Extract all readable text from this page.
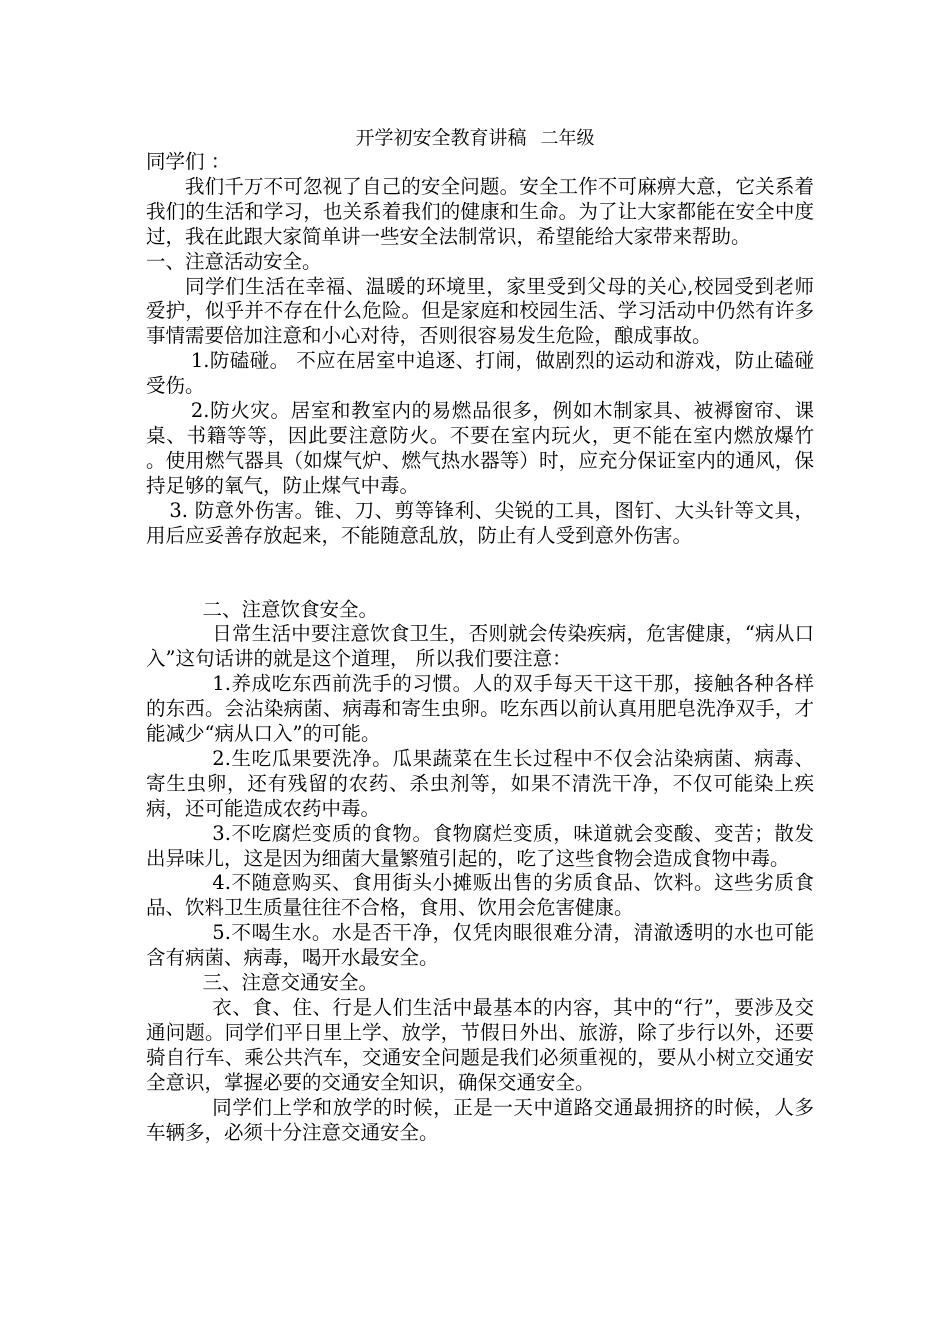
开学初安全教育讲稿 二年级

同学们 ：

我们千万不可忽视了自己的安全问题。安全工作不可麻痹大意，它关系着我们的生活和学习，也关系着我们的健康和生命。为了让大家都能在安全中度过，我在此跟大家简单讲一些安全法制常识，希望能给大家带来帮助。

一、注意活动安全。

同学们生活在幸福、温暖的环境里，家里受到父母的关心,校园受到老师爱护，似乎并不存在什么危险。但是家庭和校园生活、学习活动中仍然有许多事情需要倍加注意和小心对待，否则很容易发生危险，酿成事故。

1.防磕碰。 不应在居室中追逐、打闹，做剧烈的运动和游戏，防止磕碰受伤。

2.防火灾。居室和教室内的易燃品很多，例如木制家具、被褥窗帘、课桌、书籍等等，因此要注意防火。不要在室内玩火，更不能在室内燃放爆竹 。使用燃气器具（如煤气炉、燃气热水器等）时，应充分保证室内的通风，保持足够的氧气，防止煤气中毒。

3. 防意外伤害。锥、刀、剪等锋利、尖锐的工具，图钉、大头针等文具，用后应妥善存放起来，不能随意乱放，防止有人受到意外伤害。

二、注意饮食安全。

日常生活中要注意饮食卫生，否则就会传染疾病，危害健康，“病从口入”这句话讲的就是这个道理， 所以我们要注意：

1.养成吃东西前洗手的习惯。人的双手每天干这干那，接触各种各样的东西。会沾染病菌、病毒和寄生虫卵。吃东西以前认真用肥皂洗净双手，才能减少“病从口入”的可能。

2.生吃瓜果要洗净。瓜果蔬菜在生长过程中不仅会沾染病菌、病毒、寄生虫卵，还有残留的农药、杀虫剂等，如果不清洗干净，不仅可能染上疾病，还可能造成农药中毒。

3.不吃腐烂变质的食物。食物腐烂变质，味道就会变酸、变苦；散发出异味儿，这是因为细菌大量繁殖引起的，吃了这些食物会造成食物中毒。

4.不随意购买、食用街头小摊贩出售的劣质食品、饮料。这些劣质食品、饮料卫生质量往往不合格，食用、饮用会危害健康。

5.不喝生水。水是否干净，仅凭肉眼很难分清，清澈透明的水也可能含有病菌、病毒，喝开水最安全。

三、注意交通安全。

衣、食、住、行是人们生活中最基本的内容，其中的“行”，要涉及交通问题。同学们平日里上学、放学，节假日外出、旅游，除了步行以外，还要骑自行车、乘公共汽车，交通安全问题是我们必须重视的，要从小树立交通安全意识，掌握必要的交通安全知识，确保交通安全。

同学们上学和放学的时候，正是一天中道路交通最拥挤的时候，人多车辆多，必须十分注意交通安全。
